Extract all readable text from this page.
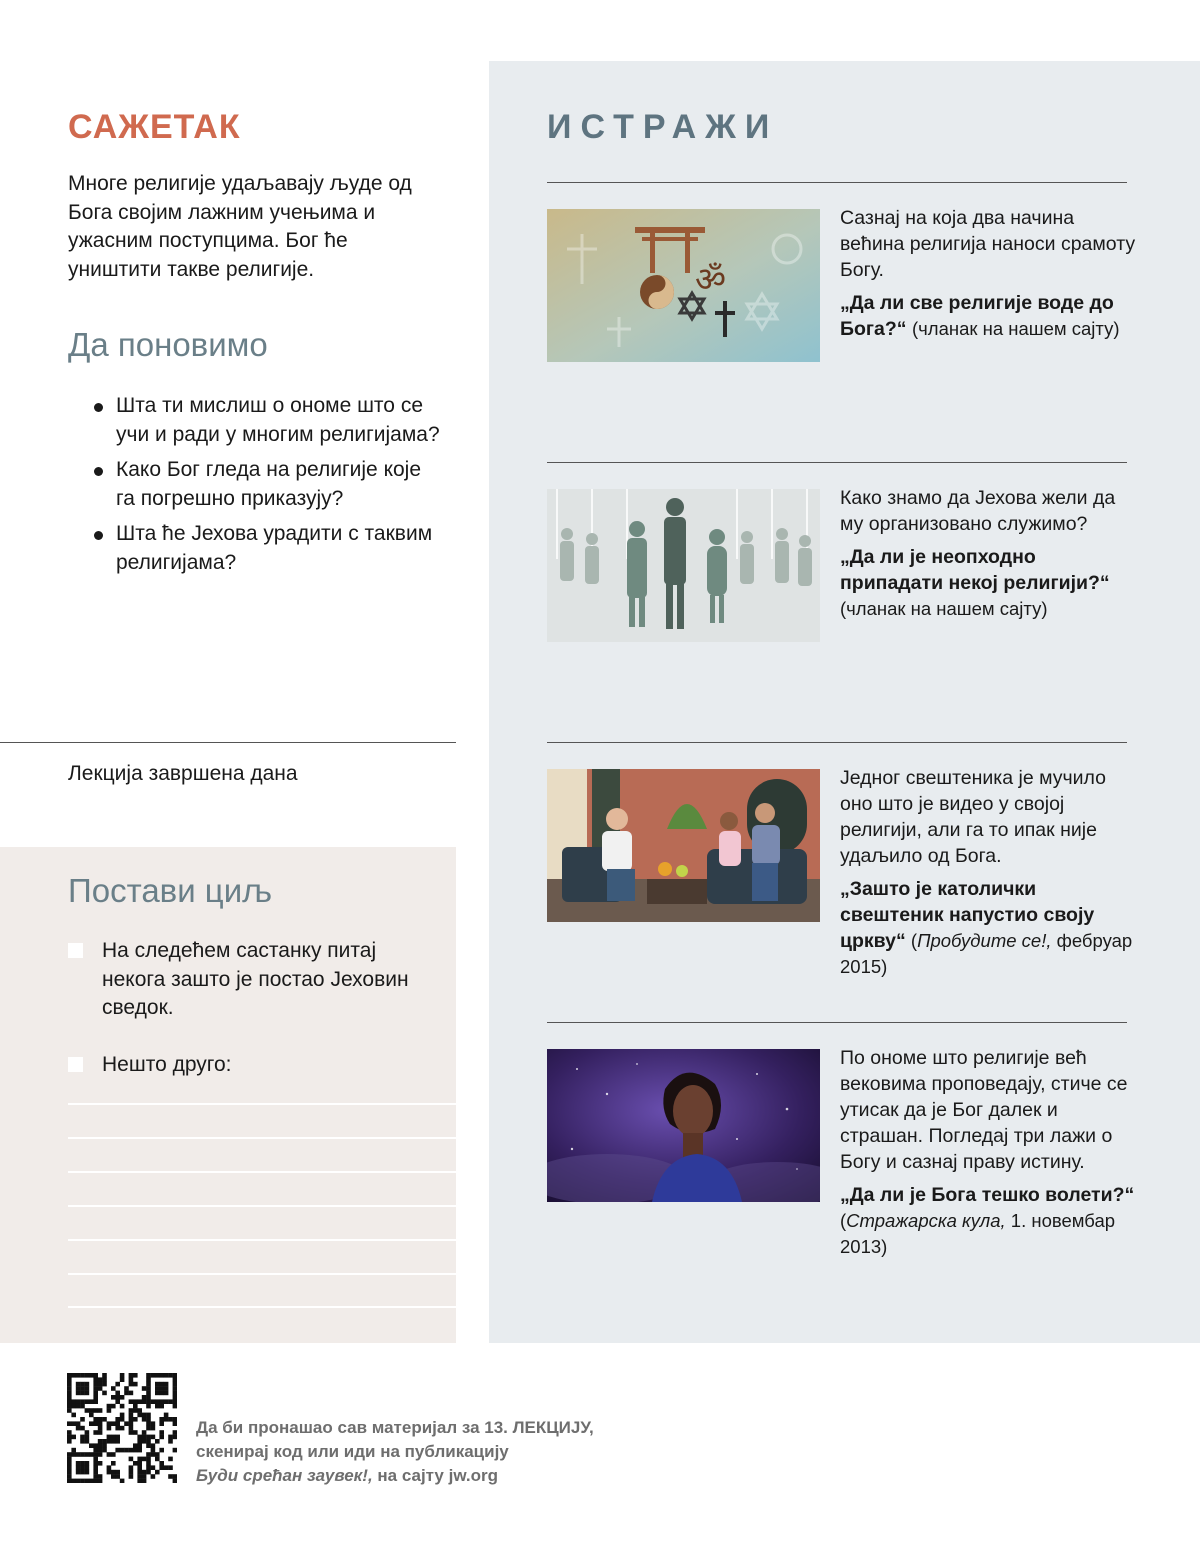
САЖЕТАК
Многе религије удаљавају људе од Бога својим лажним учењима и ужасним поступцима. Бог ће уништити такве религије.
Да поновимо
Шта ти мислиш о ономе што се учи и ради у многим религијама?
Како Бог гледа на религије које га погрешно приказују?
Шта ће Јехова урадити с таквим религијама?
Лекција завршена дана
Постави циљ
На следећем састанку питај некога зашто је постао Јеховин сведок.
Нешто друго:
ИСТРАЖИ
ॐ
Сазнај на која два начина већина религија наноси срамоту Богу.
„Да ли све религије воде до Бога?“ (чланак на нашем сајту)
Како знамо да Јехова жели да му организовано служимо?
„Да ли је неопходно припадати некој религији?“
(чланак на нашем сајту)
Једног свештеника је мучило оно што је видео у својој религији, али га то ипак није удаљило од Бога.
„Зашто је католички свештеник напустио своју цркву“ (Пробудите се!, фебруар 2015)
По ономе што религије већ вековима проповедају, стиче се утисак да је Бог далек и страшан. Погледај три лажи о Богу и сазнај праву истину.
„Да ли је Бога тешко волети?“ (Стражарска кула, 1. новембар 2013)
Да би пронашао сав материјал за 13. ЛЕКЦИЈУ,
скенирај код или иди на публикацију
Буди срећан заувек!, на сајту jw.org
